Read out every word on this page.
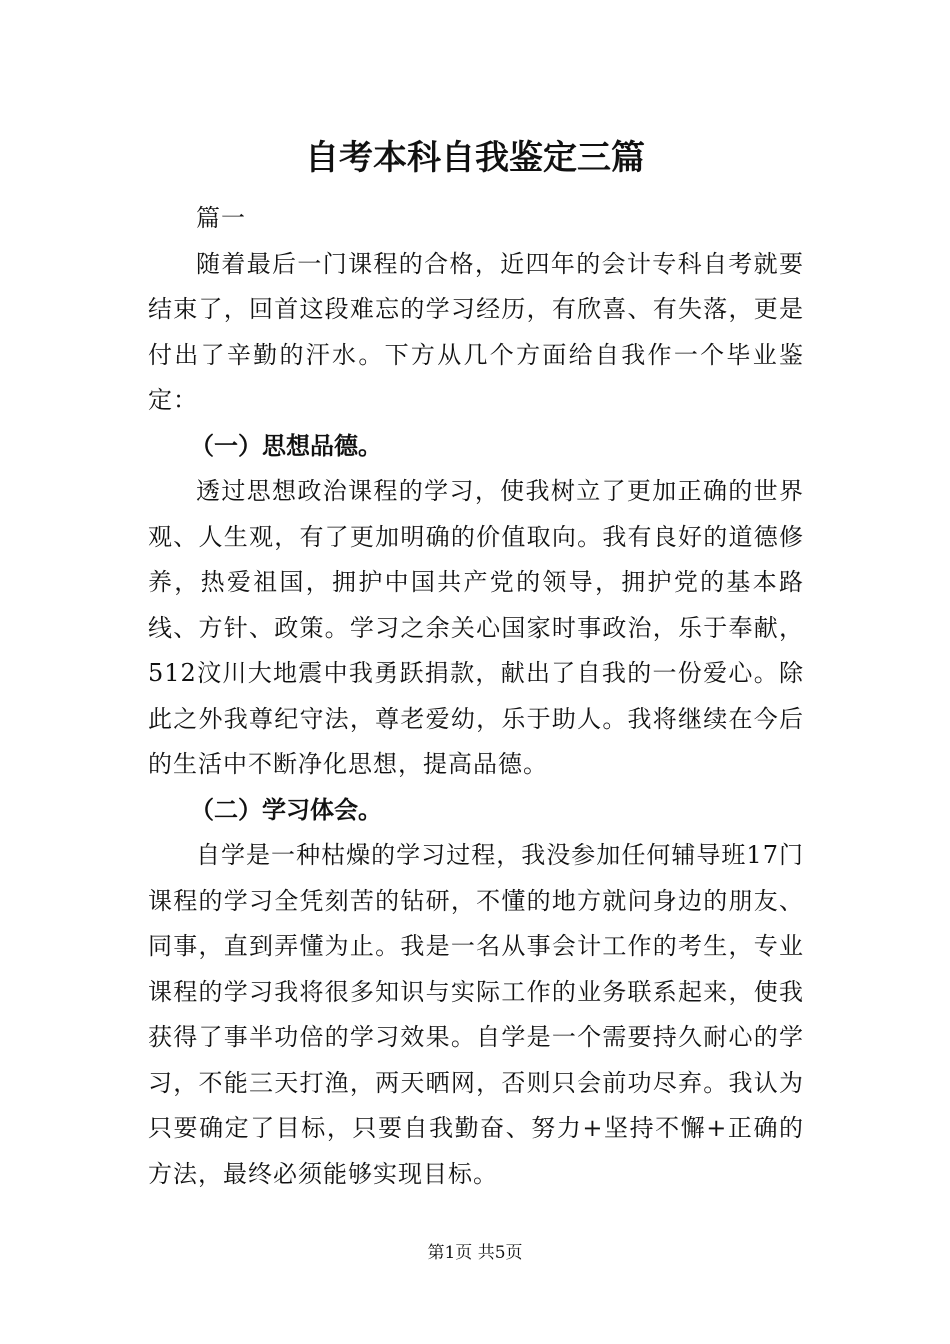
自考本科自我鉴定三篇

篇一

随着最后一门课程的合格，近四年的会计专科自考就要结束了，回首这段难忘的学习经历，有欣喜、有失落，更是付出了辛勤的汗水。下方从几个方面给自我作一个毕业鉴定：

（一）思想品德。

透过思想政治课程的学习，使我树立了更加正确的世界观、人生观，有了更加明确的价值取向。我有良好的道德修养，热爱祖国，拥护中国共产党的领导，拥护党的基本路线、方针、政策。学习之余关心国家时事政治，乐于奉献，512汶川大地震中我勇跃捐款，献出了自我的一份爱心。除此之外我尊纪守法，尊老爱幼，乐于助人。我将继续在今后的生活中不断净化思想，提高品德。

（二）学习体会。

自学是一种枯燥的学习过程，我没参加任何辅导班17门课程的学习全凭刻苦的钻研，不懂的地方就问身边的朋友、同事，直到弄懂为止。我是一名从事会计工作的考生，专业课程的学习我将很多知识与实际工作的业务联系起来，使我获得了事半功倍的学习效果。自学是一个需要持久耐心的学习，不能三天打渔，两天晒网，否则只会前功尽弃。我认为只要确定了目标，只要自我勤奋、努力+坚持不懈+正确的方法，最终必须能够实现目标。

第1页 共5页
